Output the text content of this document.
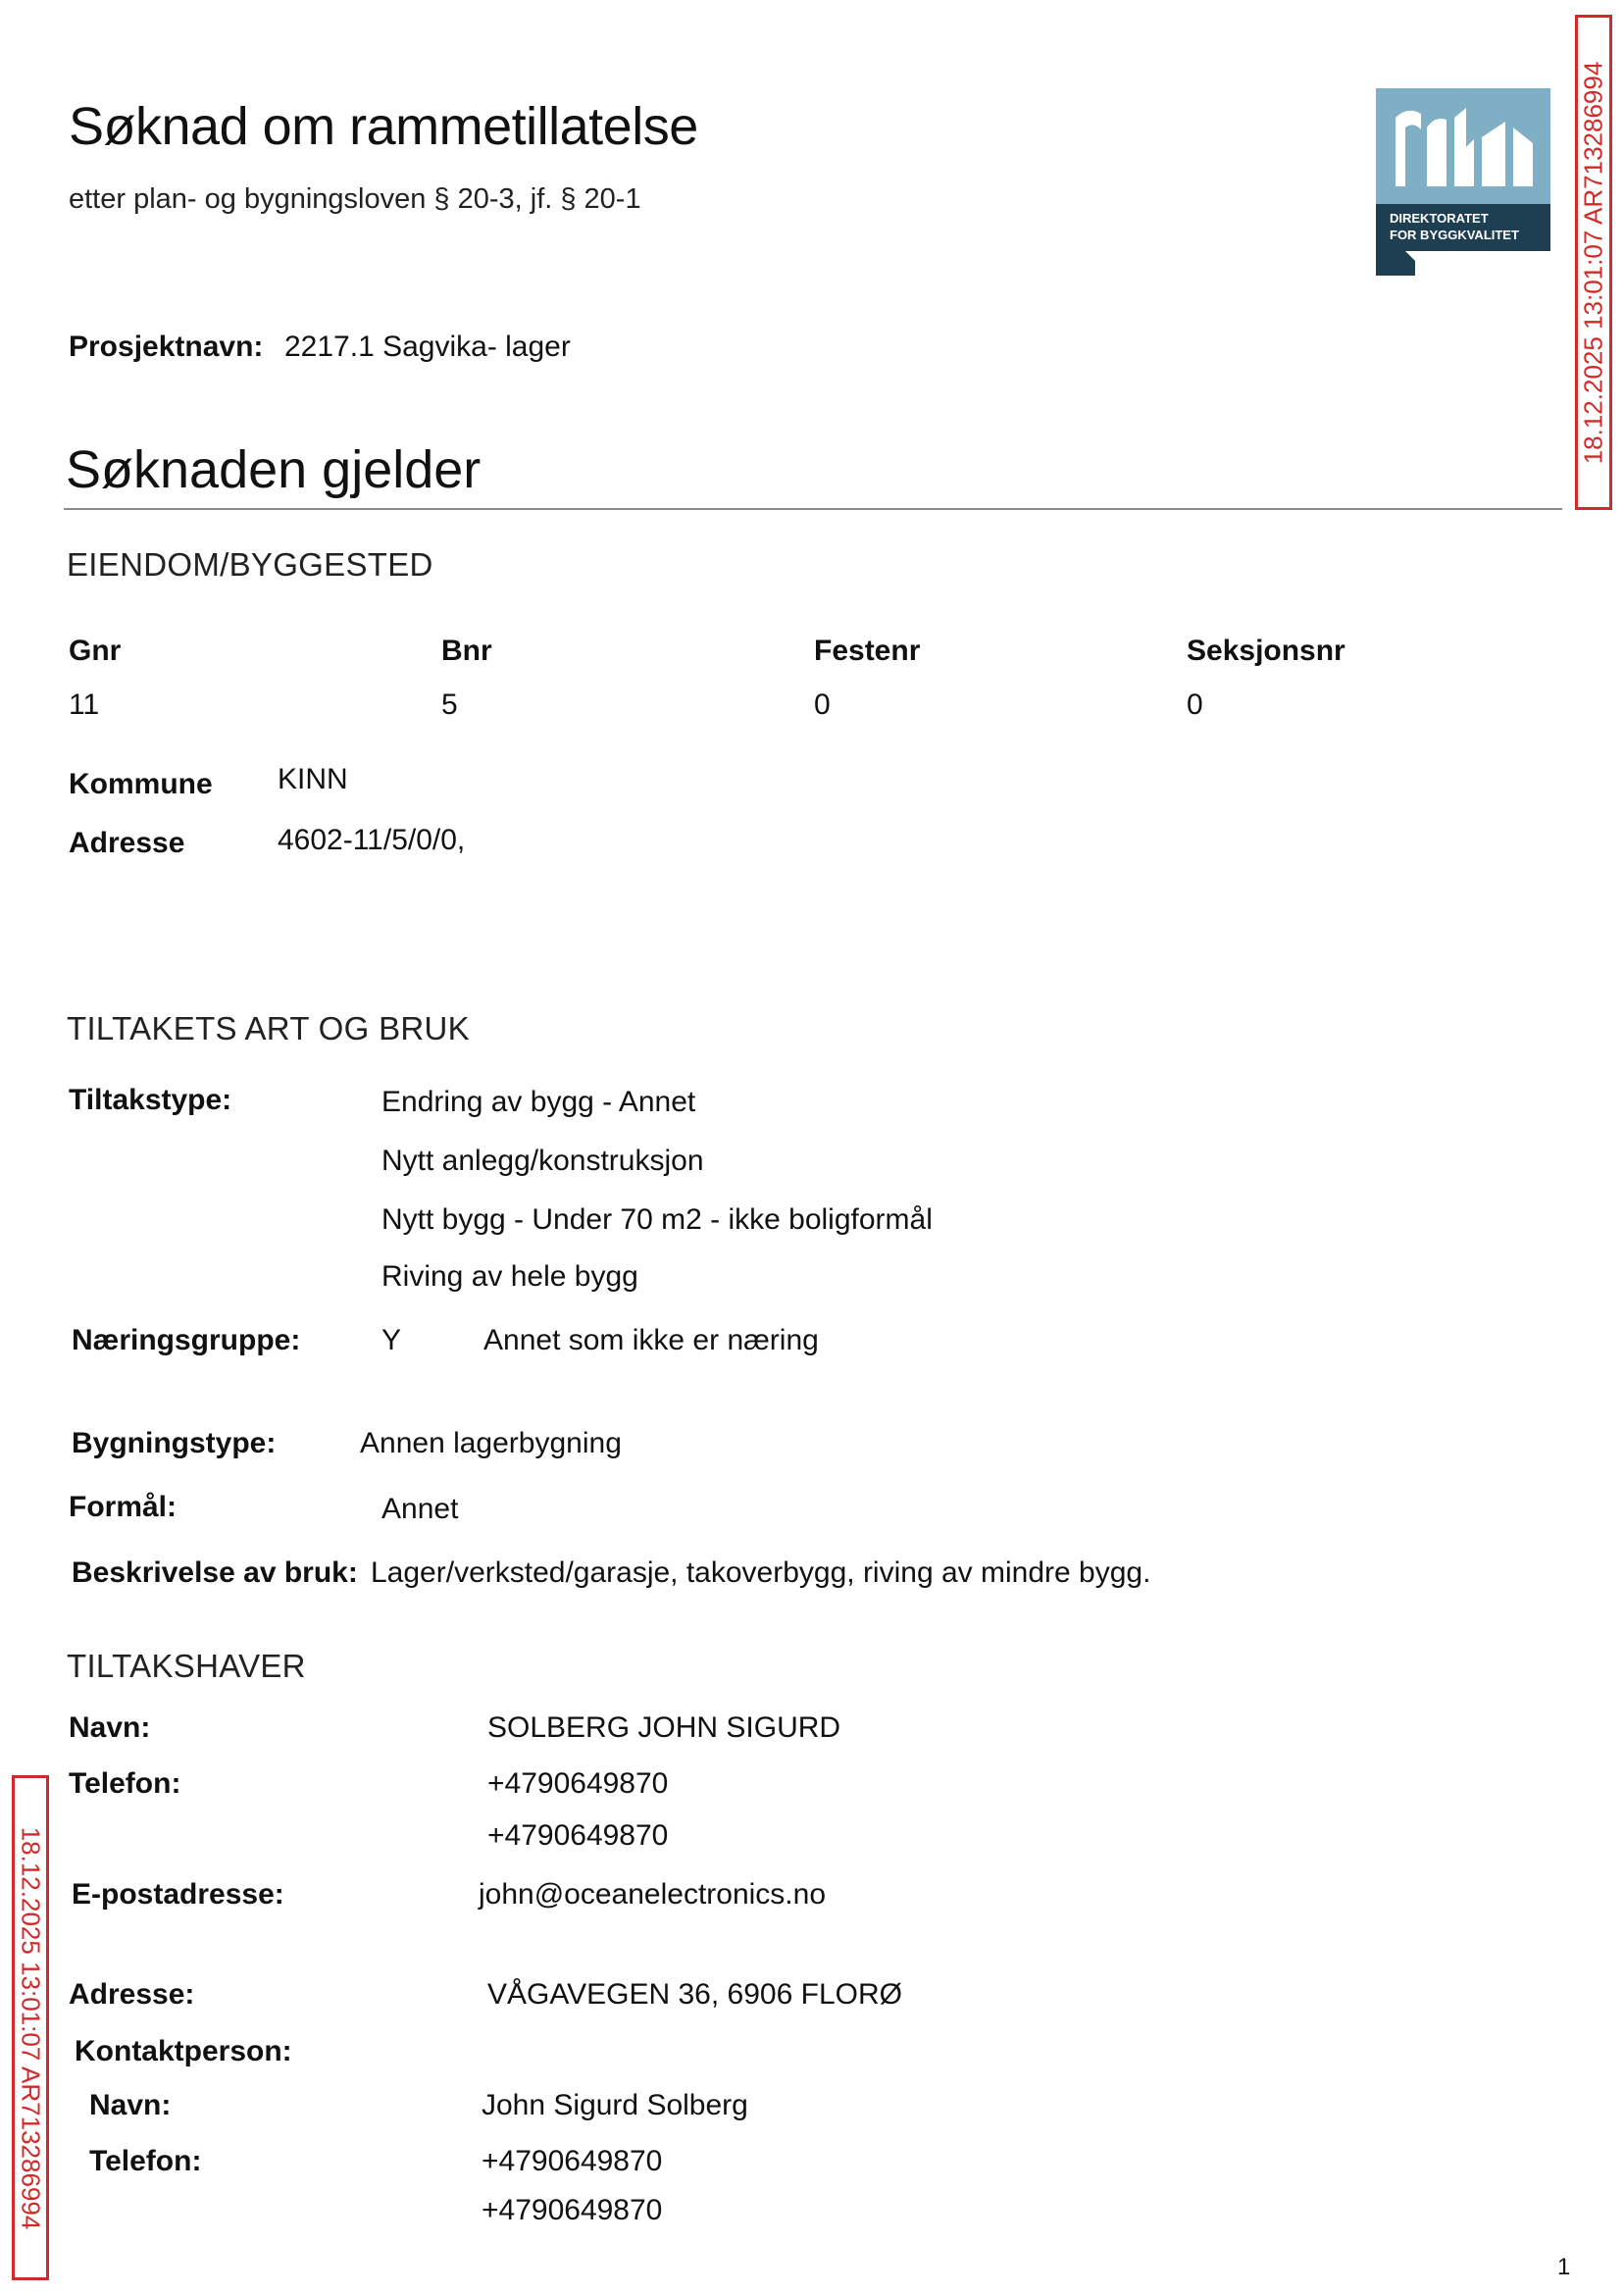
Søknad om rammetillatelse
etter plan- og bygningsloven § 20-3, jf. § 20-1
DIREKTORATET
FOR BYGGKVALITET
Prosjektnavn: 2217.1 Sagvika- lager
Søknaden gjelder
EIENDOM/BYGGESTED
Gnr	Bnr	Festenr	Seksjonsnr
11	5	0	0
Kommune KINN
Adresse	4602-11/5/0/0,
TILTAKETS ART OG BRUK
Tiltakstype:	Endring av bygg - Annet
Nytt anlegg/konstruksjon
Nytt bygg - Under 70 m2 - ikke boligformål
Riving av hele bygg
Næringsgruppe:	Y	Annet som ikke er næring
Bygningstype:	Annen lagerbygning
Formål:	Annet
Beskrivelse av bruk: Lager/verksted/garasje, takoverbygg, riving av mindre bygg.
TILTAKSHAVER
Navn:	SOLBERG JOHN SIGURD
Telefon:	+4790649870
+4790649870
E-postadresse:	john@oceanelectronics.no
Adresse:	VÅGAVEGEN 36, 6906 FLORØ
Kontaktperson:
Navn:	John Sigurd Solberg
Telefon:	+4790649870
+4790649870
18.12.2025 13:01:07 AR713286994
18.12.2025 13:01:07 AR713286994
1
